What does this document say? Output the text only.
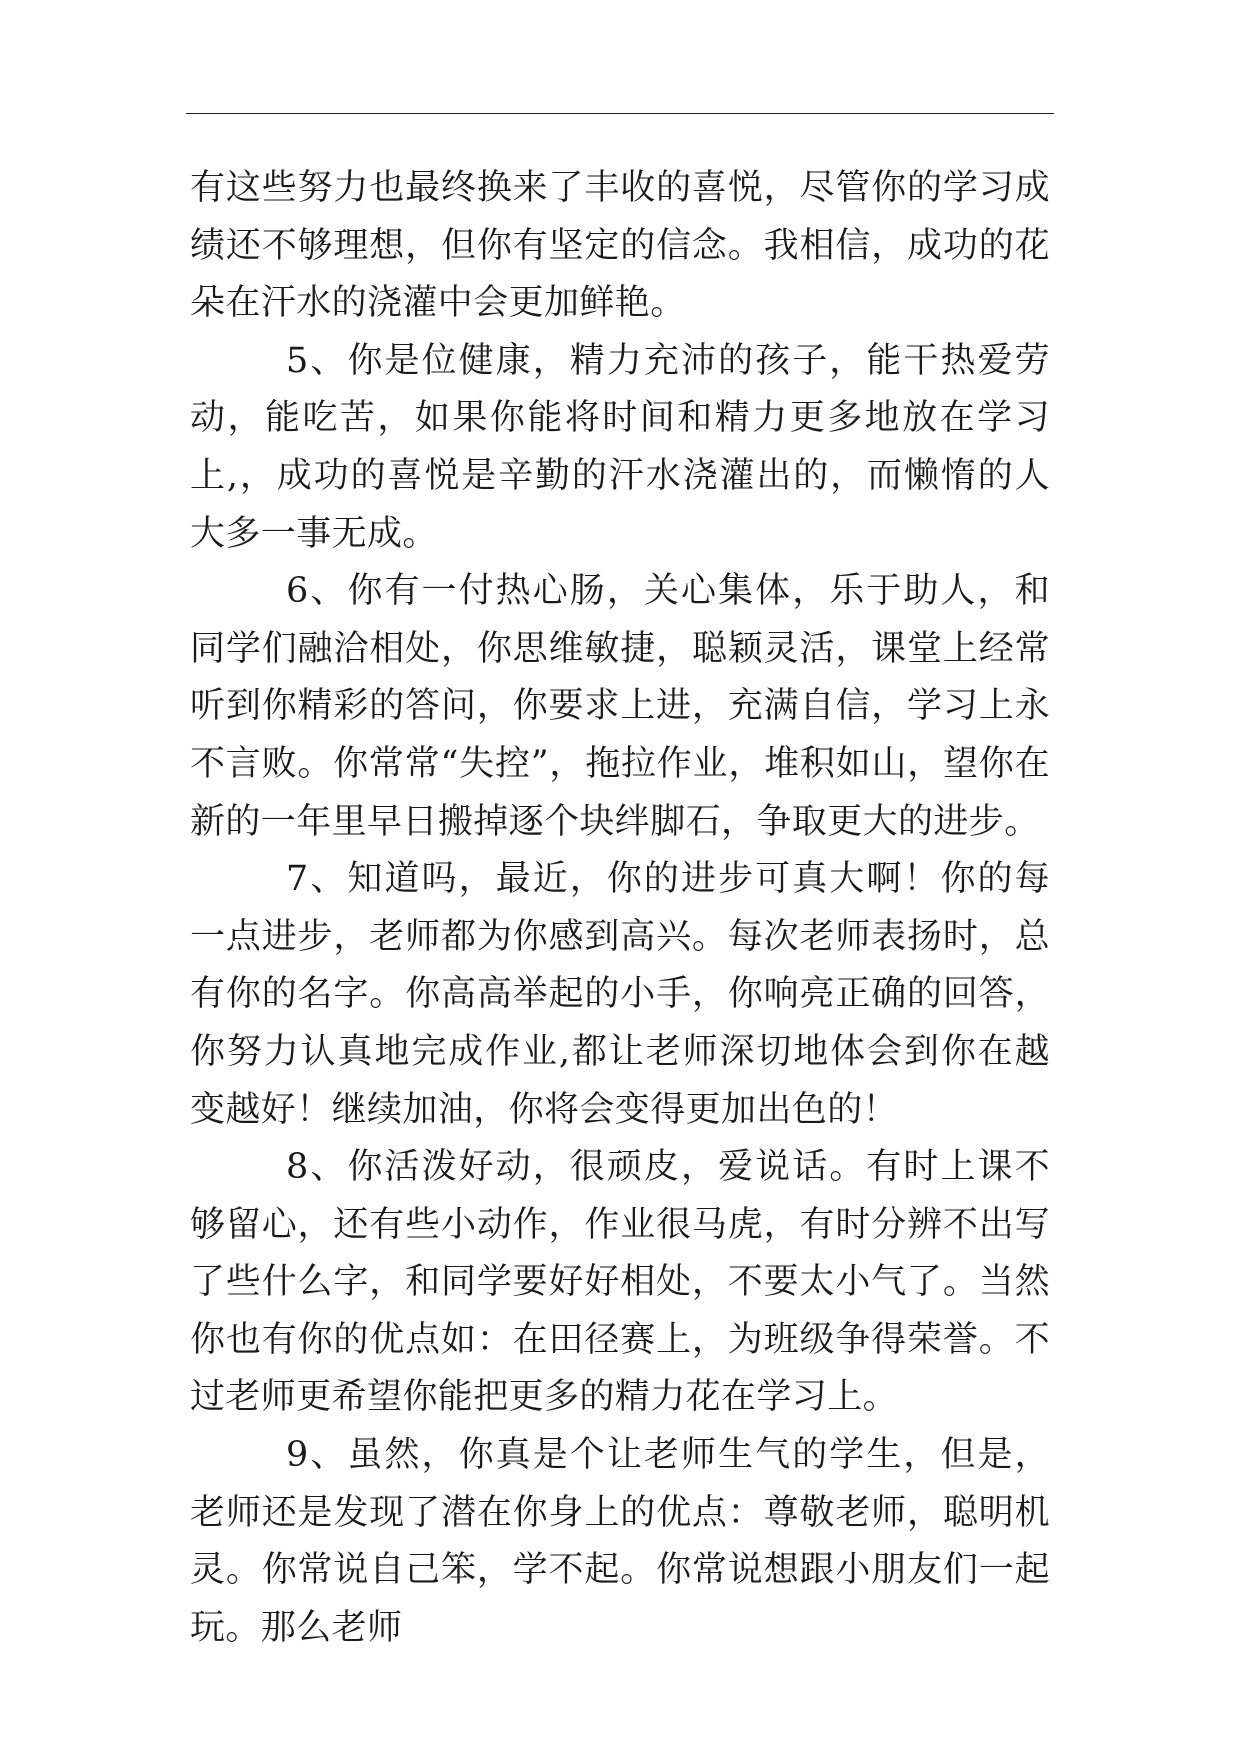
有这些努力也最终换来了丰收的喜悦，尽管你的学习成绩还不够理想，但你有坚定的信念。我相信，成功的花朵在汗水的浇灌中会更加鲜艳。

5、你是位健康，精力充沛的孩子，能干热爱劳动，能吃苦，如果你能将时间和精力更多地放在学习上,，成功的喜悦是辛勤的汗水浇灌出的，而懒惰的人大多一事无成。

6、你有一付热心肠，关心集体，乐于助人，和同学们融洽相处，你思维敏捷，聪颖灵活，课堂上经常听到你精彩的答问，你要求上进，充满自信，学习上永不言败。你常常“失控”，拖拉作业，堆积如山，望你在新的一年里早日搬掉逐个块绊脚石，争取更大的进步。

7、知道吗，最近，你的进步可真大啊！你的每一点进步，老师都为你感到高兴。每次老师表扬时，总有你的名字。你高高举起的小手，你响亮正确的回答，你努力认真地完成作业,都让老师深切地体会到你在越变越好！继续加油，你将会变得更加出色的！

8、你活泼好动，很顽皮，爱说话。有时上课不够留心，还有些小动作，作业很马虎，有时分辨不出写了些什么字，和同学要好好相处，不要太小气了。当然你也有你的优点如：在田径赛上，为班级争得荣誉。不过老师更希望你能把更多的精力花在学习上。

9、虽然，你真是个让老师生气的学生，但是，老师还是发现了潜在你身上的优点：尊敬老师，聪明机灵。你常说自己笨，学不起。你常说想跟小朋友们一起玩。那么老师
